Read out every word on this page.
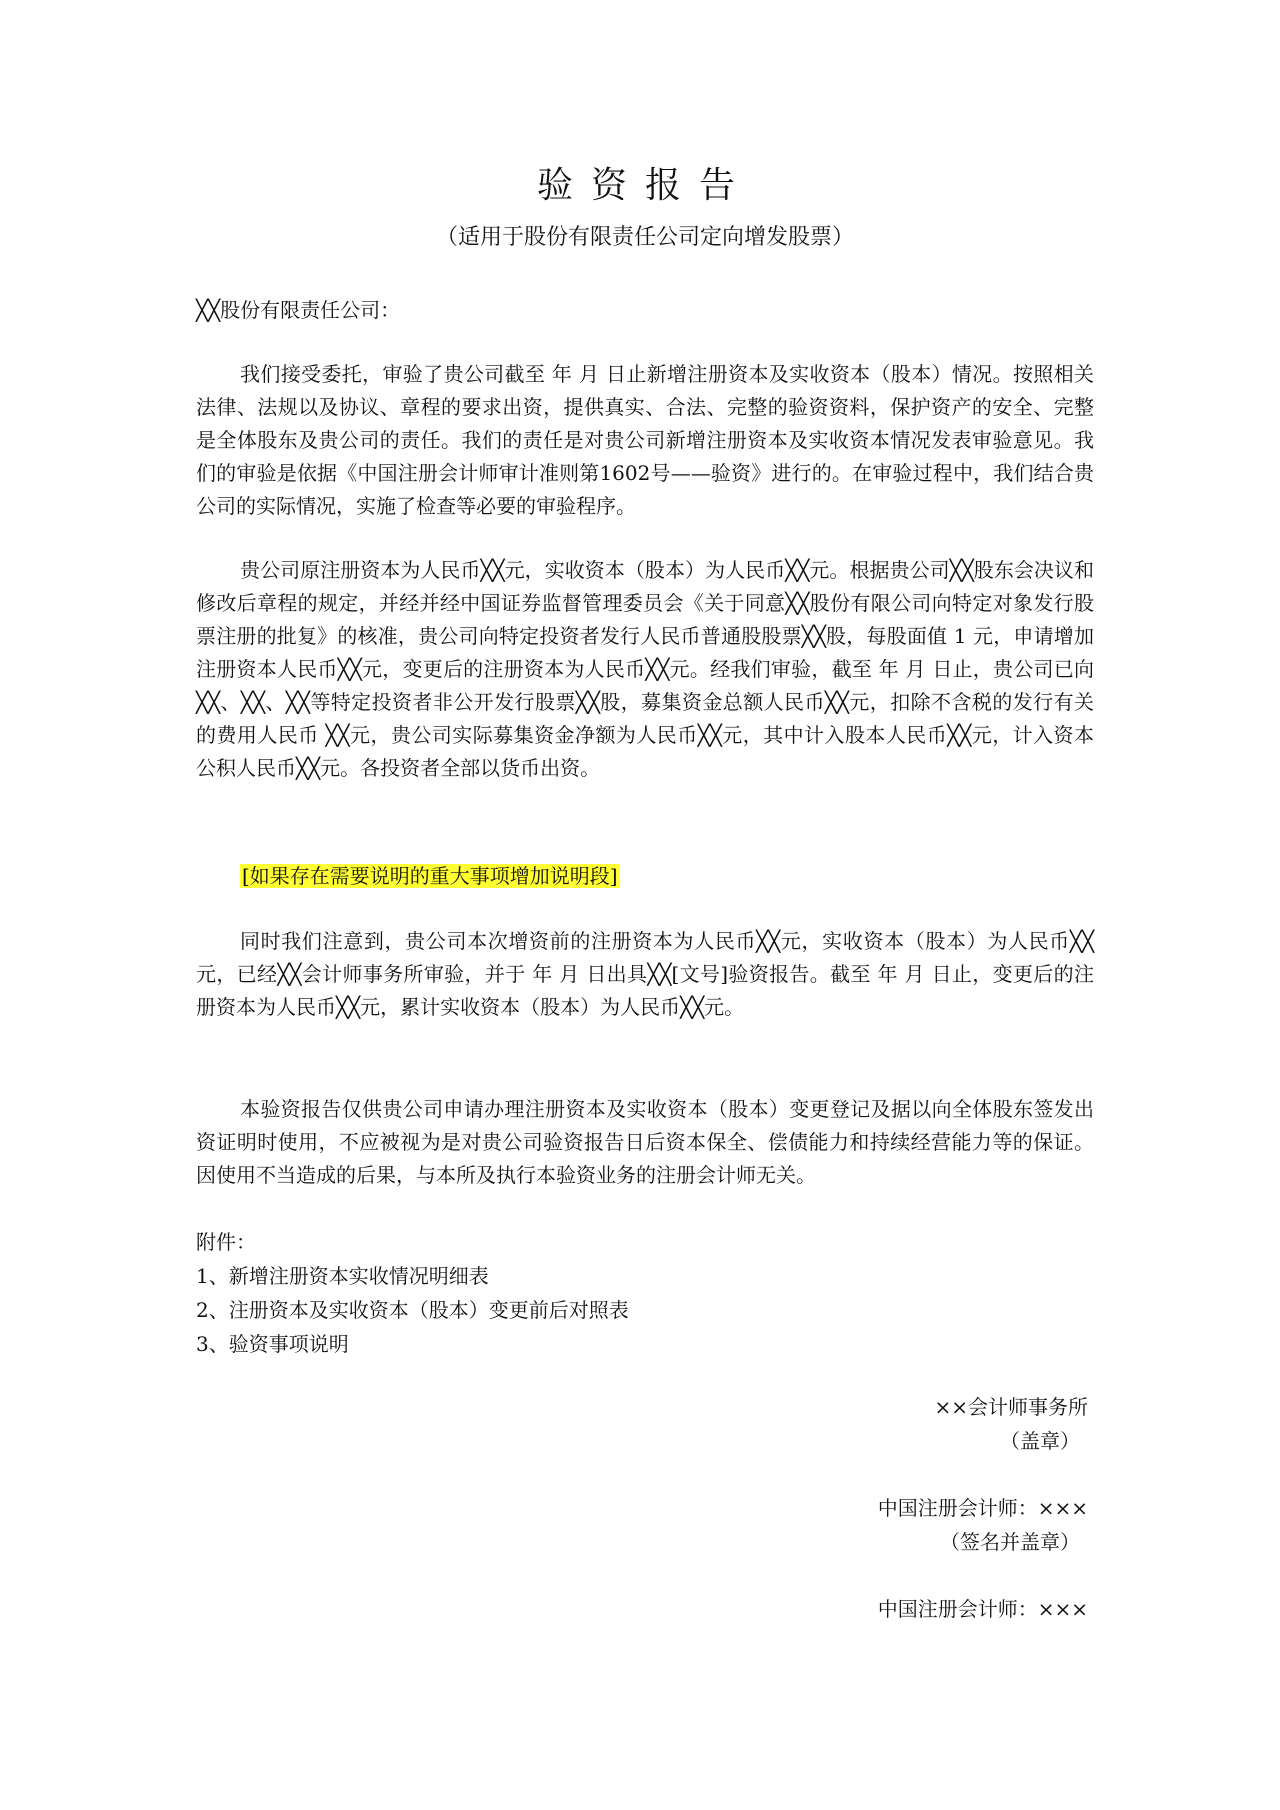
验资报告
（适用于股份有限责任公司定向增发股票）
╳╳股份有限责任公司：

我们接受委托，审验了贵公司截至 年 月 日止新增注册资本及实收资本（股本）情况。按照相关法律、法规以及协议、章程的要求出资，提供真实、合法、完整的验资资料，保护资产的安全、完整是全体股东及贵公司的责任。我们的责任是对贵公司新增注册资本及实收资本情况发表审验意见。我们的审验是依据《中国注册会计师审计准则第1602号——验资》进行的。在审验过程中，我们结合贵公司的实际情况，实施了检查等必要的审验程序。

贵公司原注册资本为人民币╳╳元，实收资本（股本）为人民币╳╳元。根据贵公司╳╳股东会决议和修改后章程的规定，并经并经中国证券监督管理委员会《关于同意╳╳股份有限公司向特定对象发行股票注册的批复》的核准，贵公司向特定投资者发行人民币普通股股票╳╳股，每股面值 1 元，申请增加注册资本人民币╳╳元，变更后的注册资本为人民币╳╳元。经我们审验，截至 年 月 日止，贵公司已向╳╳、╳╳、╳╳等特定投资者非公开发行股票╳╳股，募集资金总额人民币╳╳元，扣除不含税的发行有关的费用人民币 ╳╳元，贵公司实际募集资金净额为人民币╳╳元，其中计入股本人民币╳╳元，计入资本公积人民币╳╳元。各投资者全部以货币出资。

[如果存在需要说明的重大事项增加说明段]

同时我们注意到，贵公司本次增资前的注册资本为人民币╳╳元，实收资本（股本）为人民币╳╳元，已经╳╳会计师事务所审验，并于 年 月 日出具╳╳[文号]验资报告。截至 年 月 日止，变更后的注册资本为人民币╳╳元，累计实收资本（股本）为人民币╳╳元。

本验资报告仅供贵公司申请办理注册资本及实收资本（股本）变更登记及据以向全体股东签发出资证明时使用，不应被视为是对贵公司验资报告日后资本保全、偿债能力和持续经营能力等的保证。因使用不当造成的后果，与本所及执行本验资业务的注册会计师无关。

附件：
1、新增注册资本实收情况明细表
2、注册资本及实收资本（股本）变更前后对照表
3、验资事项说明
××会计师事务所
（盖章）
中国注册会计师：×××
（签名并盖章）
中国注册会计师：×××
